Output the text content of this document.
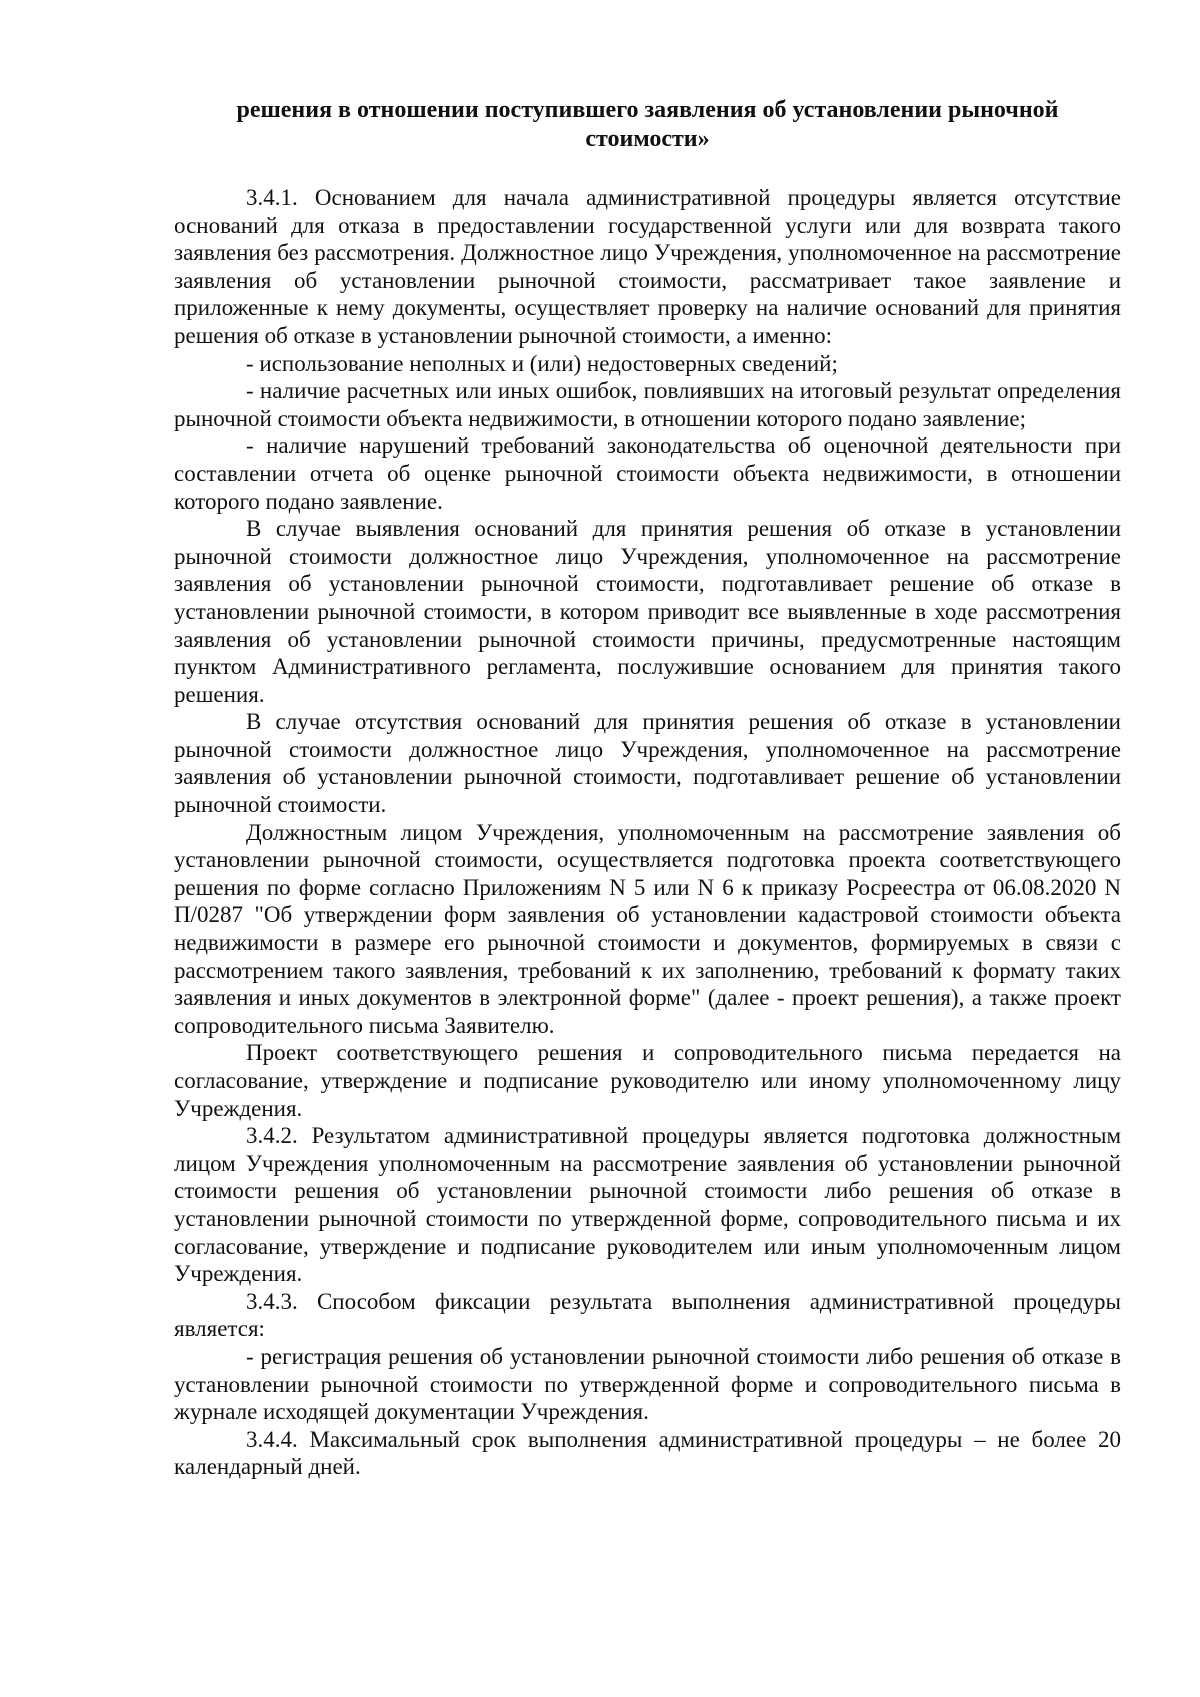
решения в отношении поступившего заявления об установлении рыночной стоимости»

3.4.1. Основанием для начала административной процедуры является отсутствие оснований для отказа в предоставлении государственной услуги или для возврата такого заявления без рассмотрения. Должностное лицо Учреждения, уполномоченное на рассмотрение заявления об установлении рыночной стоимости, рассматривает такое заявление и приложенные к нему документы, осуществляет проверку на наличие оснований для принятия решения об отказе в установлении рыночной стоимости, а именно:

- использование неполных и (или) недостоверных сведений;

- наличие расчетных или иных ошибок, повлиявших на итоговый результат определения рыночной стоимости объекта недвижимости, в отношении которого подано заявление;

- наличие нарушений требований законодательства об оценочной деятельности при составлении отчета об оценке рыночной стоимости объекта недвижимости, в отношении которого подано заявление.

В случае выявления оснований для принятия решения об отказе в установлении рыночной стоимости должностное лицо Учреждения, уполномоченное на рассмотрение заявления об установлении рыночной стоимости, подготавливает решение об отказе в установлении рыночной стоимости, в котором приводит все выявленные в ходе рассмотрения заявления об установлении рыночной стоимости причины, предусмотренные настоящим пунктом Административного регламента, послужившие основанием для принятия такого решения.

В случае отсутствия оснований для принятия решения об отказе в установлении рыночной стоимости должностное лицо Учреждения, уполномоченное на рассмотрение заявления об установлении рыночной стоимости, подготавливает решение об установлении рыночной стоимости.

Должностным лицом Учреждения, уполномоченным на рассмотрение заявления об установлении рыночной стоимости, осуществляется подготовка проекта соответствующего решения по форме согласно Приложениям N 5 или N 6 к приказу Росреестра от 06.08.2020 N П/0287 "Об утверждении форм заявления об установлении кадастровой стоимости объекта недвижимости в размере его рыночной стоимости и документов, формируемых в связи с рассмотрением такого заявления, требований к их заполнению, требований к формату таких заявления и иных документов в электронной форме" (далее - проект решения), а также проект сопроводительного письма Заявителю.

Проект соответствующего решения и сопроводительного письма передается на согласование, утверждение и подписание руководителю или иному уполномоченному лицу Учреждения.

3.4.2. Результатом административной процедуры является подготовка должностным лицом Учреждения уполномоченным на рассмотрение заявления об установлении рыночной стоимости решения об установлении рыночной стоимости либо решения об отказе в установлении рыночной стоимости по утвержденной форме, сопроводительного письма и их согласование, утверждение и подписание руководителем или иным уполномоченным лицом Учреждения.

3.4.3. Способом фиксации результата выполнения административной процедуры является:

- регистрация решения об установлении рыночной стоимости либо решения об отказе в установлении рыночной стоимости по утвержденной форме и сопроводительного письма в журнале исходящей документации Учреждения.

3.4.4. Максимальный срок выполнения административной процедуры – не более 20 календарный дней.
